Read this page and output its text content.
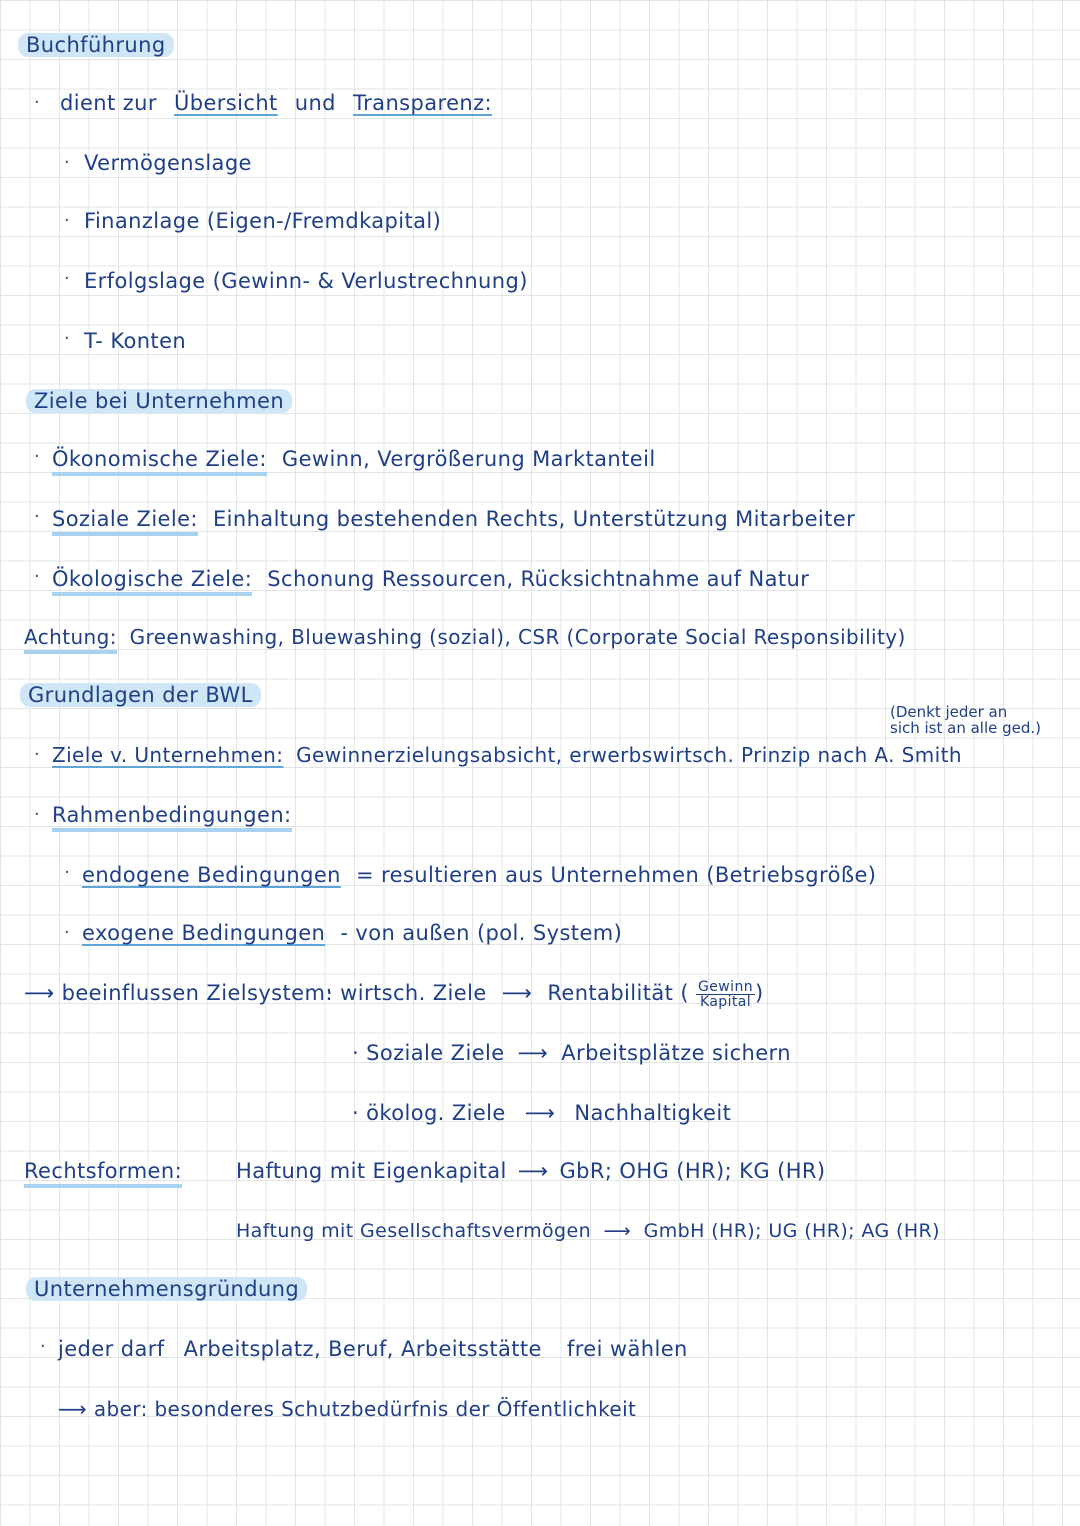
Buchführung
· dient zur Übersicht und Transparenz:
· Vermögenslage
· Finanzlage (Eigen-/Fremdkapital)
· Erfolgslage (Gewinn- & Verlustrechnung)
· T- Konten
Ziele bei Unternehmen
· Ökonomische Ziele: Gewinn, Vergrößerung Marktanteil
· Soziale Ziele: Einhaltung bestehenden Rechts, Unterstützung Mitarbeiter
· Ökologische Ziele: Schonung Ressourcen, Rücksichtnahme auf Natur
Achtung: Greenwashing, Bluewashing (sozial), CSR (Corporate Social Responsibility)
Grundlagen der BWL
(Denkt jeder an
sich ist an alle ged.)
· Ziele v. Unternehmen: Gewinnerzielungsabsicht, erwerbswirtsch. Prinzip nach A. Smith
· Rahmenbedingungen:
· endogene Bedingungen = resultieren aus Unternehmen (Betriebsgröße)
· exogene Bedingungen - von außen (pol. System)
⟶ beeinflussen Zielsystem:
· wirtsch. Ziele ⟶ Rentabilität ( $\frac{\text{Gewinn}}{\text{Kapital}}$ )
· Soziale Ziele ⟶ Arbeitsplätze sichern
· ökolog. Ziele ⟶ Nachhaltigkeit
Rechtsformen:	Haftung mit Eigenkapital ⟶ GbR; OHG (HR); KG (HR)
Haftung mit Gesellschaftsvermögen ⟶ GmbH (HR); UG (HR); AG (HR)
Unternehmensgründung
· jeder darf Arbeitsplatz, Beruf, Arbeitsstätte frei wählen
⟶ aber: besonderes Schutzbedürfnis der Öffentlichkeit
